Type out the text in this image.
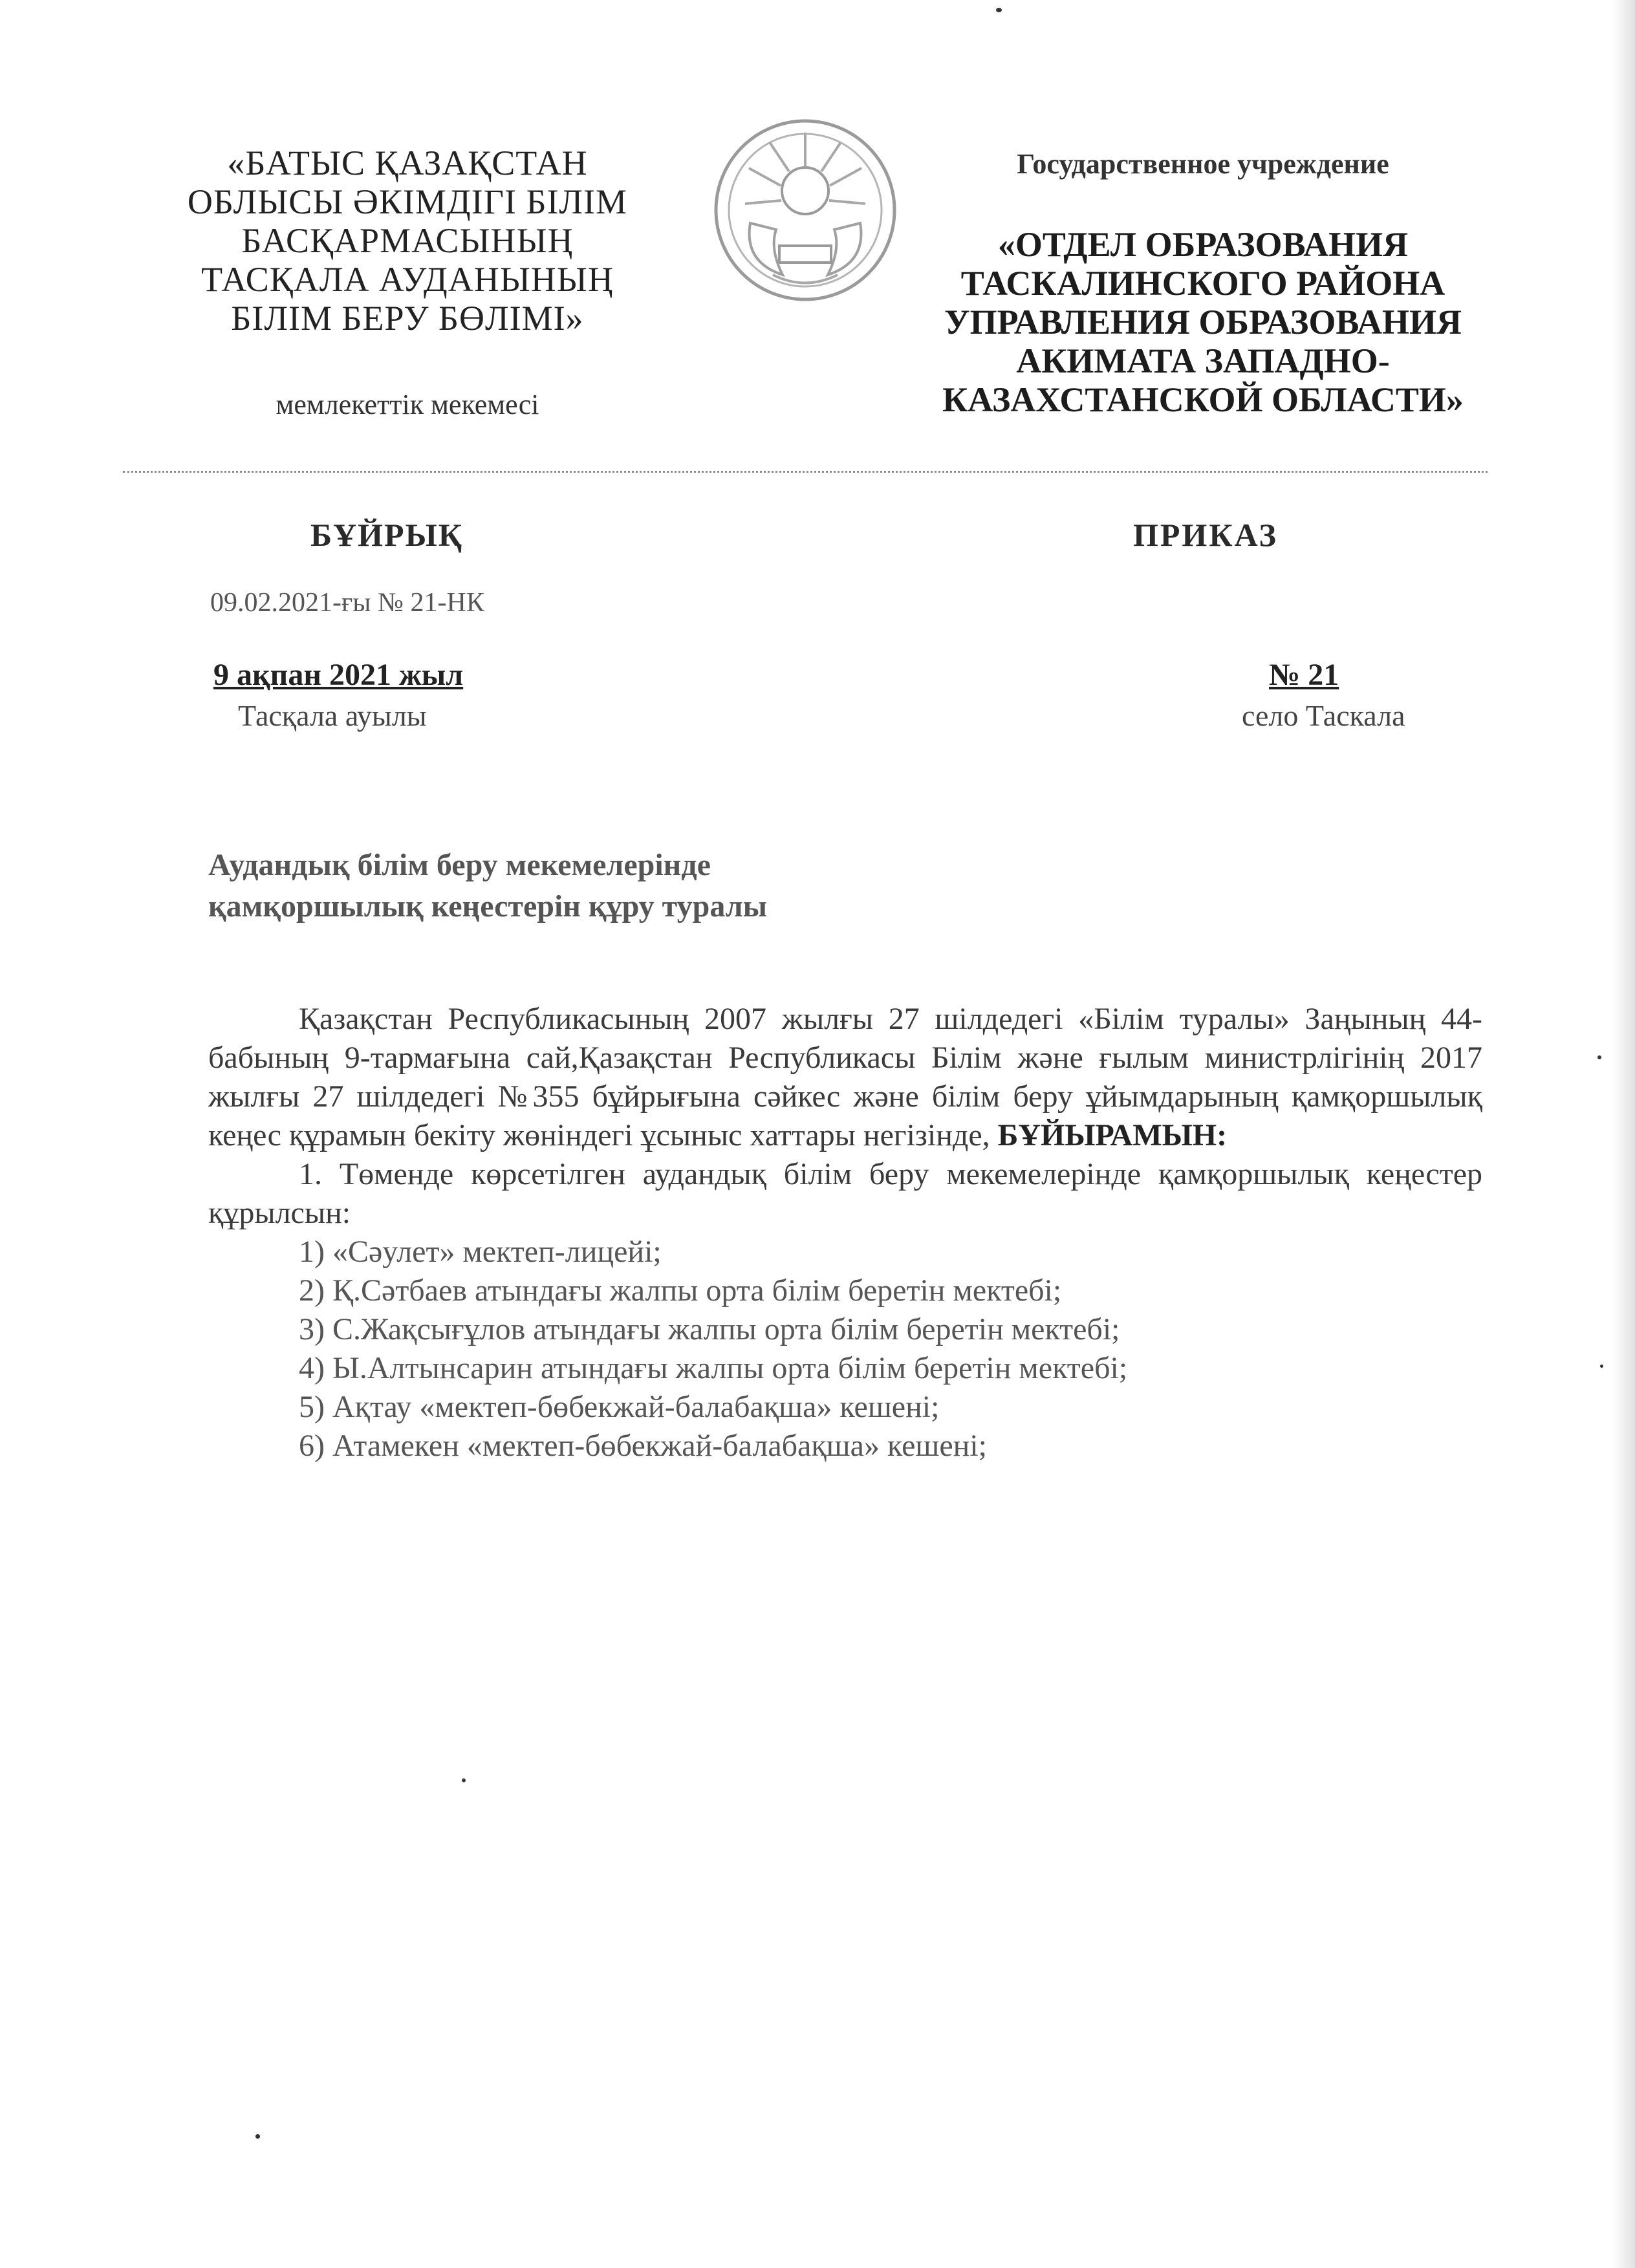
«БАТЫС ҚАЗАҚСТАН
ОБЛЫСЫ ӘКІМДІГІ БІЛІМ
БАСҚАРМАСЫНЫҢ
ТАСҚАЛА АУДАНЫНЫҢ
БІЛІМ БЕРУ БӨЛІМІ»
мемлекеттік мекемесі
Государственное учреждение
«ОТДЕЛ ОБРАЗОВАНИЯ
ТАСКАЛИНСКОГО РАЙОНА
УПРАВЛЕНИЯ ОБРАЗОВАНИЯ
АКИМАТА ЗАПАДНО-
КАЗАХСТАНСКОЙ ОБЛАСТИ»
БҰЙРЫҚ	ПРИКАЗ
09.02.2021-ғы № 21-НК
9 ақпан 2021 жыл
Тасқала ауылы
№ 21
село Таскала
Аудандық білім беру мекемелерінде
қамқоршылық кеңестерін құру туралы

Қазақстан Республикасының 2007 жылғы 27 шілдедегі «Білім туралы» Заңының 44-бабының 9-тармағына сай,Қазақстан Республикасы Білім және ғылым министрлігінің 2017 жылғы 27 шілдедегі №355 бұйрығына сәйкес және білім беру ұйымдарының қамқоршылық кеңес құрамын бекіту жөніндегі ұсыныс хаттары негізінде, БҰЙЫРАМЫН:

1. Төменде көрсетілген аудандық білім беру мекемелерінде қамқоршылық кеңестер құрылсын:

1) «Сәулет» мектеп-лицейі;
2) Қ.Сәтбаев атындағы жалпы орта білім беретін мектебі;
3) С.Жақсығұлов атындағы жалпы орта білім беретін мектебі;
4) Ы.Алтынсарин атындағы жалпы орта білім беретін мектебі;
5) Ақтау «мектеп-бөбекжай-балабақша» кешені;
6) Атамекен «мектеп-бөбекжай-балабақша» кешені;
